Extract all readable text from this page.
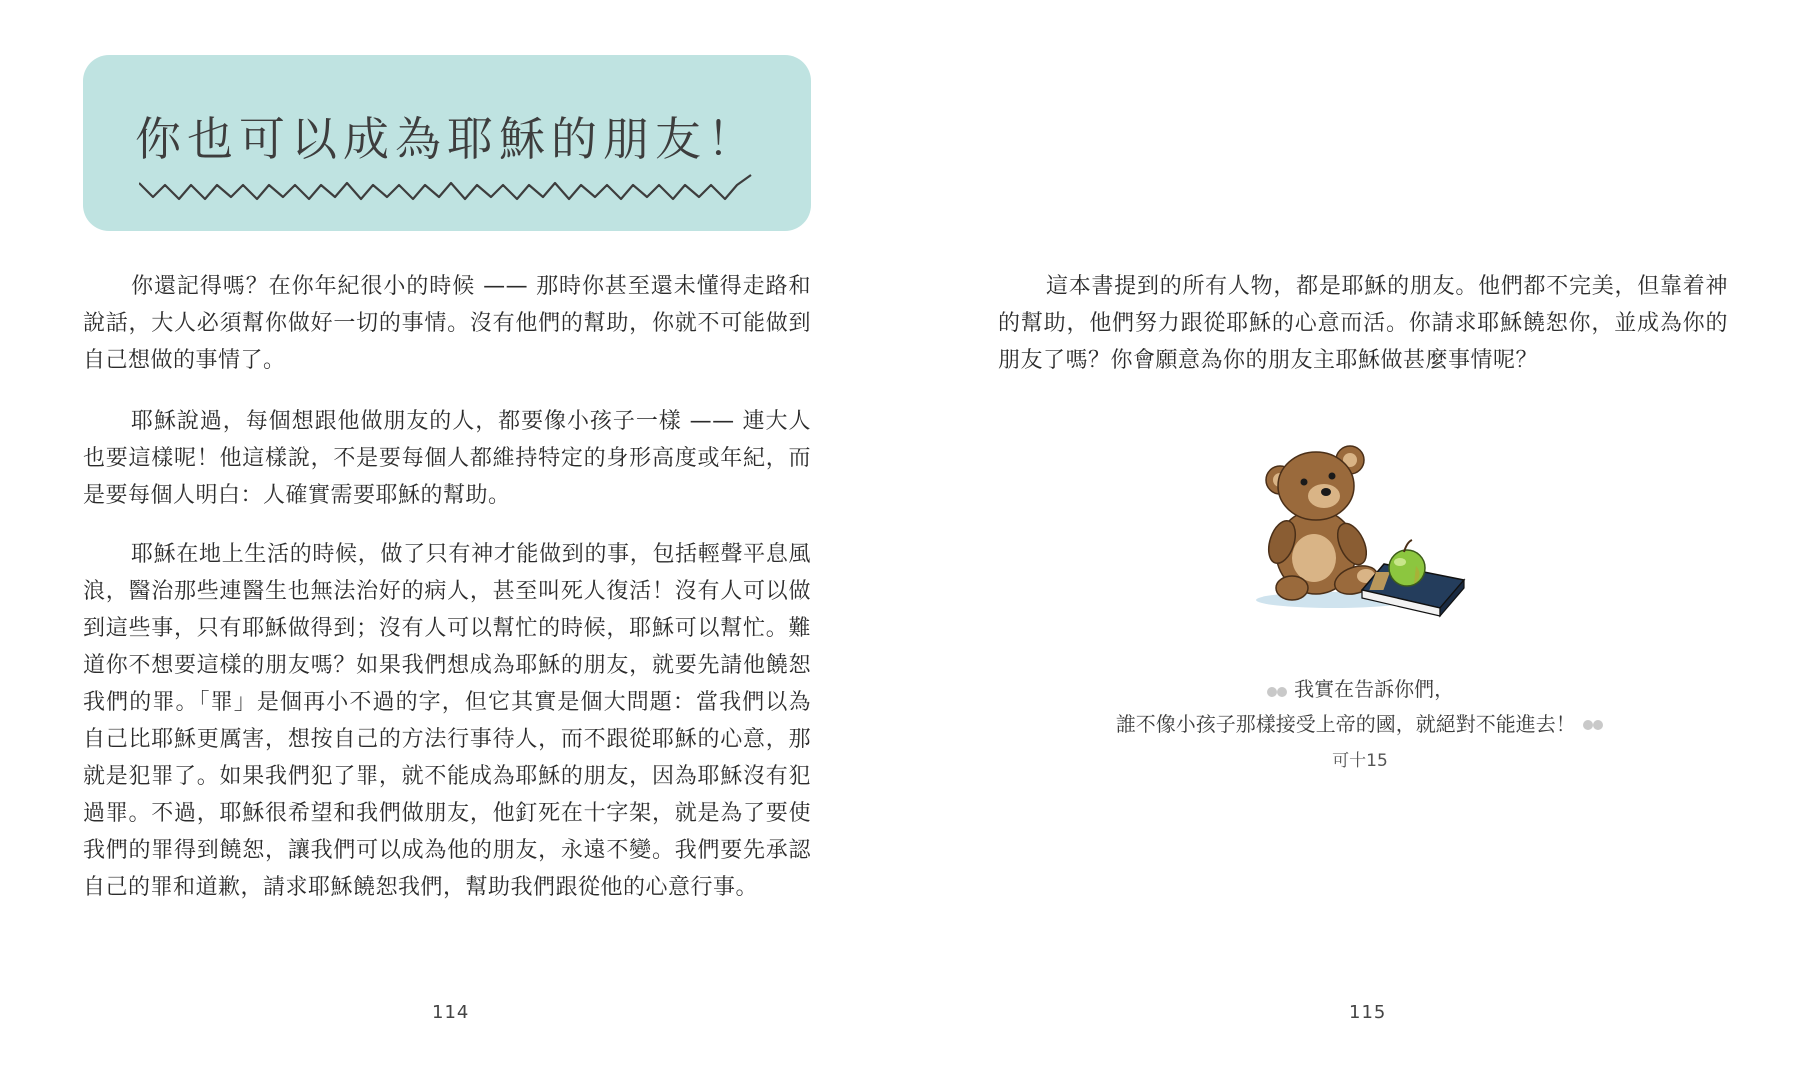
你也可以成為耶穌的朋友！

你還記得嗎？在你年紀很小的時候 —— 那時你甚至還未懂得走路和說話，大人必須幫你做好一切的事情。沒有他們的幫助，你就不可能做到自己想做的事情了。

耶穌說過，每個想跟他做朋友的人，都要像小孩子一樣 —— 連大人也要這樣呢！他這樣說，不是要每個人都維持特定的身形高度或年紀，而是要每個人明白：人確實需要耶穌的幫助。

耶穌在地上生活的時候，做了只有神才能做到的事，包括輕聲平息風浪，醫治那些連醫生也無法治好的病人，甚至叫死人復活！沒有人可以做到這些事，只有耶穌做得到；沒有人可以幫忙的時候，耶穌可以幫忙。難道你不想要這樣的朋友嗎？如果我們想成為耶穌的朋友，就要先請他饒恕我們的罪。「罪」是個再小不過的字，但它其實是個大問題：當我們以為自己比耶穌更厲害，想按自己的方法行事待人，而不跟從耶穌的心意，那就是犯罪了。如果我們犯了罪，就不能成為耶穌的朋友，因為耶穌沒有犯過罪。不過，耶穌很希望和我們做朋友，他釘死在十字架，就是為了要使我們的罪得到饒恕，讓我們可以成為他的朋友，永遠不變。我們要先承認自己的罪和道歉，請求耶穌饒恕我們，幫助我們跟從他的心意行事。

114

這本書提到的所有人物，都是耶穌的朋友。他們都不完美，但靠着神的幫助，他們努力跟從耶穌的心意而活。你請求耶穌饒恕你，並成為你的朋友了嗎？你會願意為你的朋友主耶穌做甚麼事情呢？

我實在告訴你們，
誰不像小孩子那樣接受上帝的國，就絕對不能進去！
可十15
115
